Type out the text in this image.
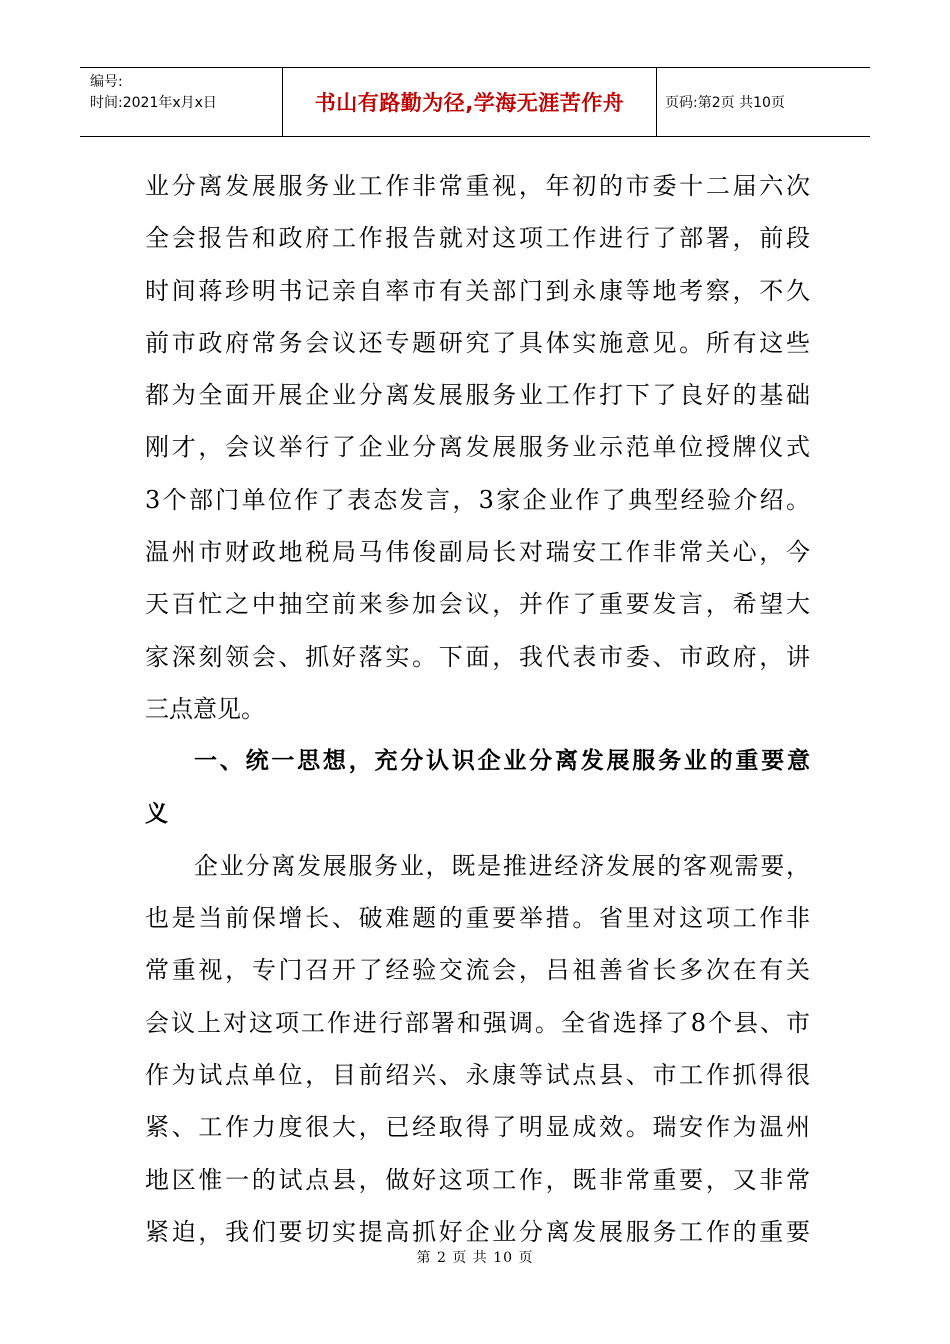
编号:
时间:2021年x月x日	书山有路勤为径,学海无涯苦作舟	页码:第2页 共10页
业分离发展服务业工作非常重视，年初的市委十二届六次
全会报告和政府工作报告就对这项工作进行了部署，前段
时间蒋珍明书记亲自率市有关部门到永康等地考察，不久
前市政府常务会议还专题研究了具体实施意见。所有这些
都为全面开展企业分离发展服务业工作打下了良好的基础
刚才，会议举行了企业分离发展服务业示范单位授牌仪式
3个部门单位作了表态发言，3家企业作了典型经验介绍。
温州市财政地税局马伟俊副局长对瑞安工作非常关心，今
天百忙之中抽空前来参加会议，并作了重要发言，希望大
家深刻领会、抓好落实。下面，我代表市委、市政府，讲
三点意见。
一、统一思想，充分认识企业分离发展服务业的重要意
义
企业分离发展服务业，既是推进经济发展的客观需要，
也是当前保增长、破难题的重要举措。省里对这项工作非
常重视，专门召开了经验交流会，吕祖善省长多次在有关
会议上对这项工作进行部署和强调。全省选择了8个县、市
作为试点单位，目前绍兴、永康等试点县、市工作抓得很
紧、工作力度很大，已经取得了明显成效。瑞安作为温州
地区惟一的试点县，做好这项工作，既非常重要，又非常
紧迫，我们要切实提高抓好企业分离发展服务工作的重要
第 2 页 共 10 页
